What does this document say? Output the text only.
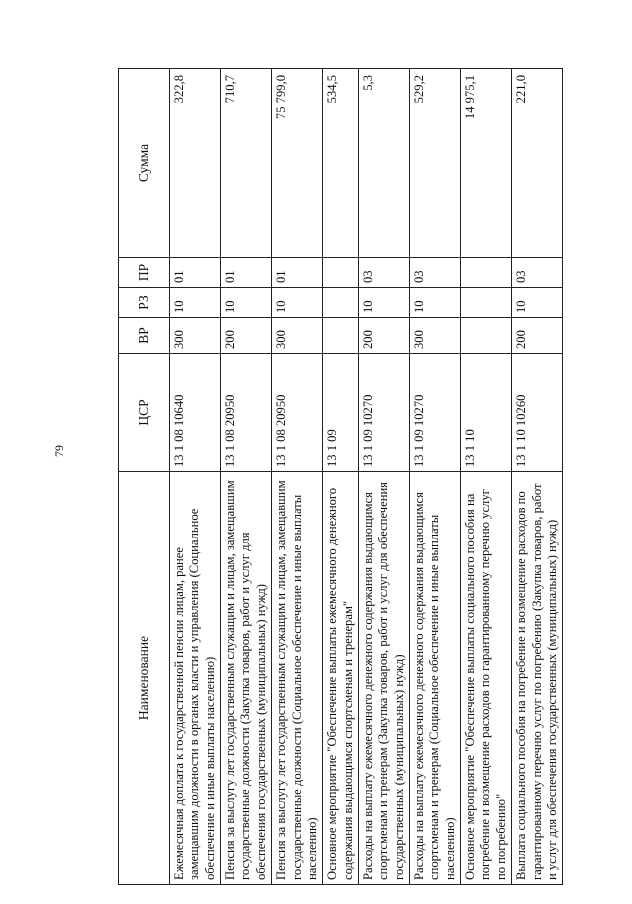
79
Наименование	ЦСР	ВР	РЗ	ПР	Сумма
Ежемесячная доплата к государственной пенсии лицам, ранее замещавшим должности в органах власти и управления (Социальное обеспечение и иные выплаты населению)	13 1 08 10640	300	10	01	322,8
Пенсия за выслугу лет государственным служащим и лицам, замещавшим государственные должности (Закупка товаров, работ и услуг для обеспечения государственных (муниципальных) нужд)	13 1 08 20950	200	10	01	710,7
Пенсия за выслугу лет государственным служащим и лицам, замещавшим государственные должности (Социальное обеспечение и иные выплаты населению)	13 1 08 20950	300	10	01	75 799,0
Основное мероприятие "Обеспечение выплаты ежемесячного денежного содержания выдающимся спортсменам и тренерам"	13 1 09				534,5
Расходы на выплату ежемесячного денежного содержания выдающимся спортсменам и тренерам (Закупка товаров, работ и услуг для обеспечения государственных (муниципальных) нужд)	13 1 09 10270	200	10	03	5,3
Расходы на выплату ежемесячного денежного содержания выдающимся спортсменам и тренерам (Социальное обеспечение и иные выплаты населению)	13 1 09 10270	300	10	03	529,2
Основное мероприятие "Обеспечение выплаты социального пособия на погребение и возмещение расходов по гарантированному перечню услуг по погребению"	13 1 10				14 975,1
Выплата социального пособия на погребение и возмещение расходов по гарантированному перечню услуг по погребению (Закупка товаров, работ и услуг для обеспечения государственных (муниципальных) нужд)	13 1 10 10260	200	10	03	221,0
